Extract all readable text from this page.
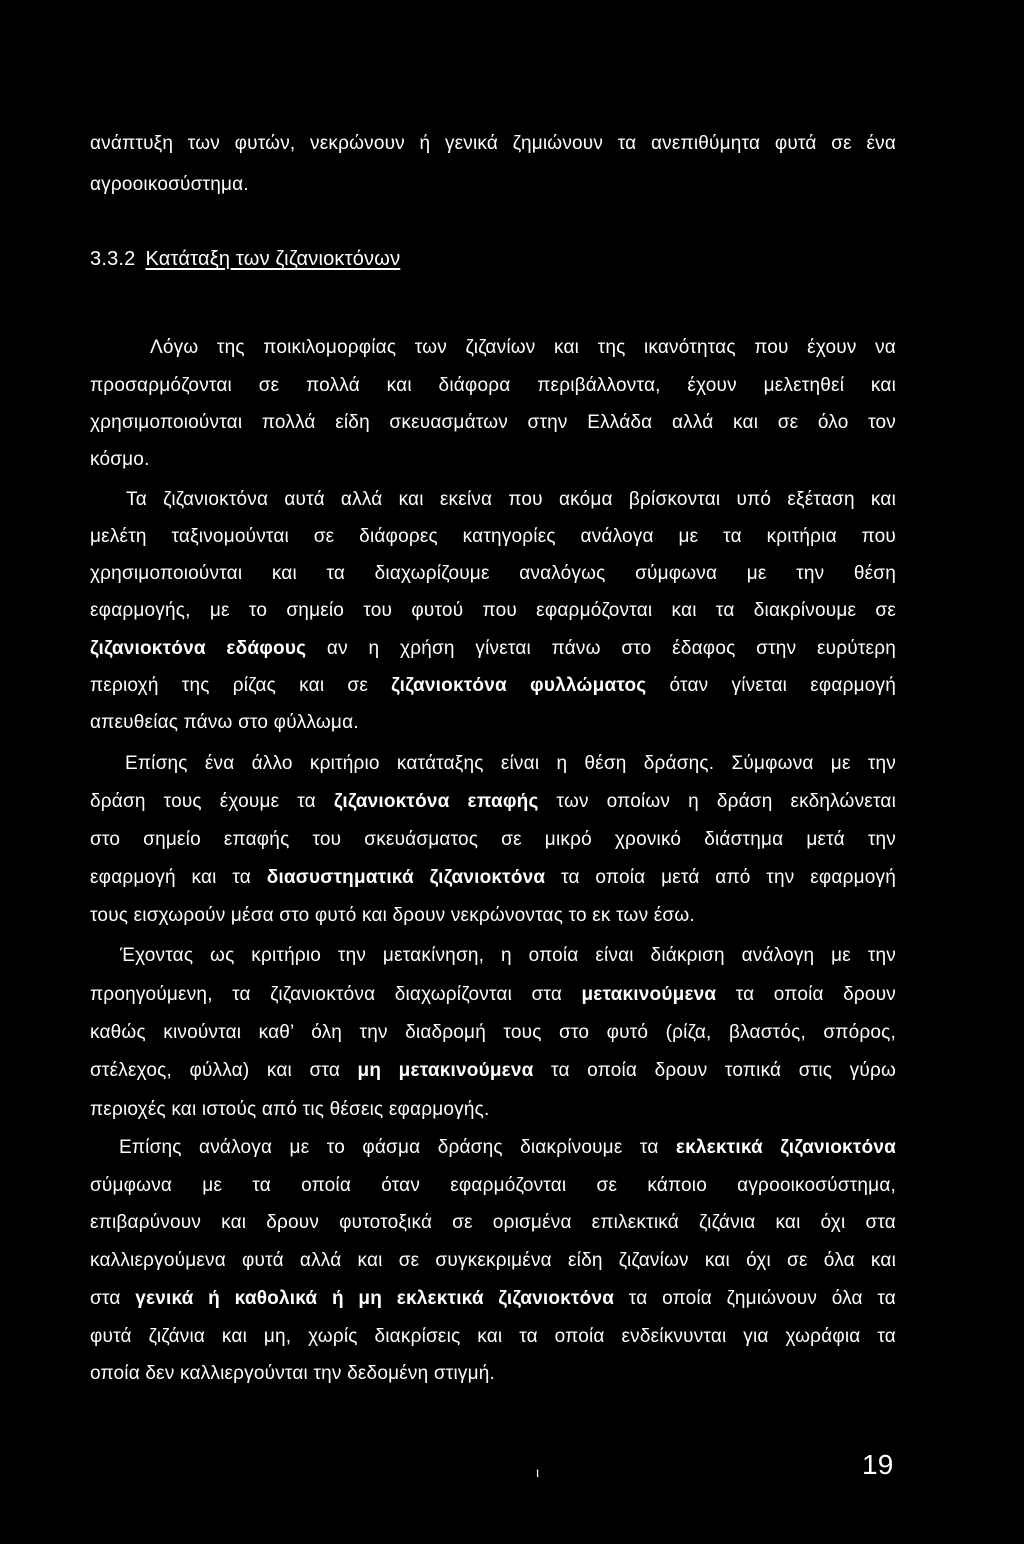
ανάπτυξη των φυτών, νεκρώνουν ή γενικά ζημιώνουν τα ανεπιθύμητα φυτά σε ένα
αγροοικοσύστημα.
3.3.2 Κατάταξη των ζιζανιοκτόνων
Λόγω της ποικιλομορφίας των ζιζανίων και της ικανότητας που έχουν να
προσαρμόζονται σε πολλά και διάφορα περιβάλλοντα, έχουν μελετηθεί και
χρησιμοποιούνται πολλά είδη σκευασμάτων στην Ελλάδα αλλά και σε όλο τον
κόσμο.
Τα ζιζανιοκτόνα αυτά αλλά και εκείνα που ακόμα βρίσκονται υπό εξέταση και
μελέτη ταξινομούνται σε διάφορες κατηγορίες ανάλογα με τα κριτήρια που
χρησιμοποιούνται και τα διαχωρίζουμε αναλόγως σύμφωνα με την θέση
εφαρμογής, με το σημείο του φυτού που εφαρμόζονται και τα διακρίνουμε σε
ζιζανιοκτόνα εδάφους αν η χρήση γίνεται πάνω στο έδαφος στην ευρύτερη
περιοχή της ρίζας και σε ζιζανιοκτόνα φυλλώματος όταν γίνεται εφαρμογή
απευθείας πάνω στο φύλλωμα.
Επίσης ένα άλλο κριτήριο κατάταξης είναι η θέση δράσης. Σύμφωνα με την
δράση τους έχουμε τα ζιζανιοκτόνα επαφής των οποίων η δράση εκδηλώνεται
στο σημείο επαφής του σκευάσματος σε μικρό χρονικό διάστημα μετά την
εφαρμογή και τα διασυστηματικά ζιζανιοκτόνα τα οποία μετά από την εφαρμογή
τους εισχωρούν μέσα στο φυτό και δρουν νεκρώνοντας το εκ των έσω.
Έχοντας ως κριτήριο την μετακίνηση, η οποία είναι διάκριση ανάλογη με την
προηγούμενη, τα ζιζανιοκτόνα διαχωρίζονται στα μετακινούμενα τα οποία δρουν
καθώς κινούνται καθ’ όλη την διαδρομή τους στο φυτό (ρίζα, βλαστός, σπόρος,
στέλεχος, φύλλα) και στα μη μετακινούμενα τα οποία δρουν τοπικά στις γύρω
περιοχές και ιστούς από τις θέσεις εφαρμογής.
Επίσης ανάλογα με το φάσμα δράσης διακρίνουμε τα εκλεκτικά ζιζανιοκτόνα
σύμφωνα με τα οποία όταν εφαρμόζονται σε κάποιο αγροοικοσύστημα,
επιβαρύνουν και δρουν φυτοτοξικά σε ορισμένα επιλεκτικά ζιζάνια και όχι στα
καλλιεργούμενα φυτά αλλά και σε συγκεκριμένα είδη ζιζανίων και όχι σε όλα και
στα γενικά ή καθολικά ή μη εκλεκτικά ζιζανιοκτόνα τα οποία ζημιώνουν όλα τα
φυτά ζιζάνια και μη, χωρίς διακρίσεις και τα οποία ενδείκνυνται για χωράφια τα
οποία δεν καλλιεργούνται την δεδομένη στιγμή.
ι	19
